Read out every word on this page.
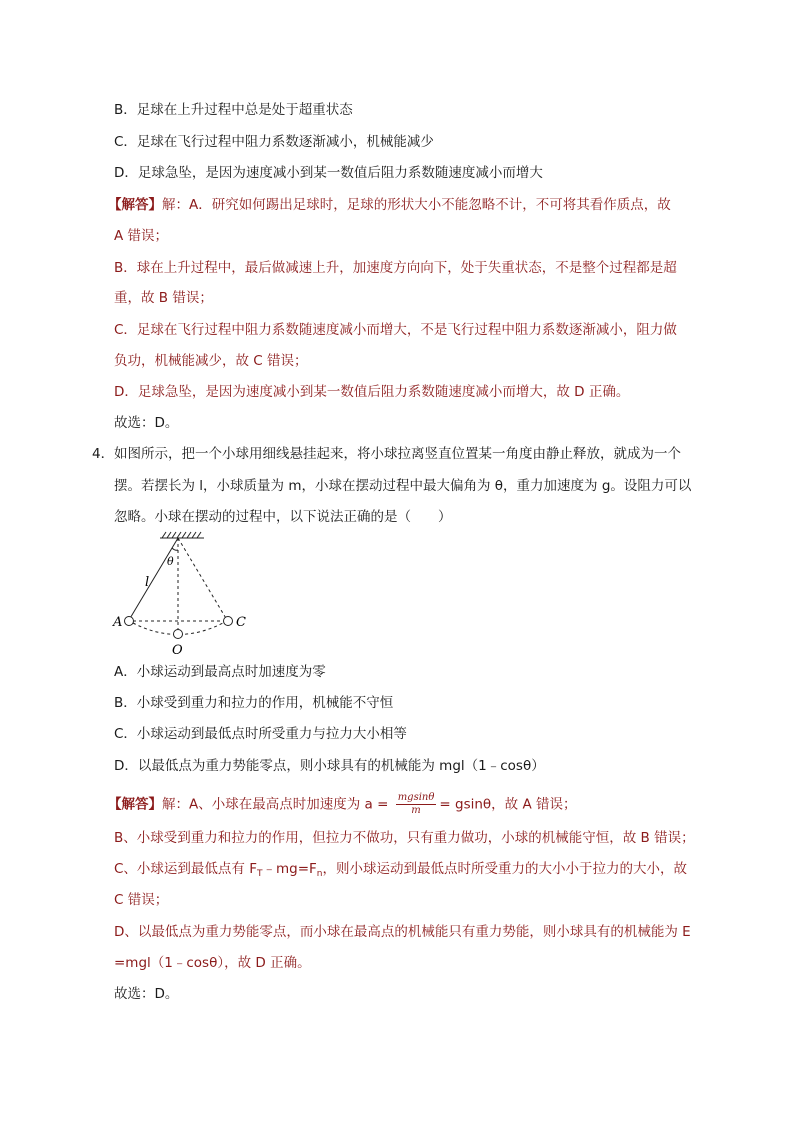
B．足球在上升过程中总是处于超重状态
C．足球在飞行过程中阻力系数逐渐减小，机械能减少
D．足球急坠，是因为速度减小到某一数值后阻力系数随速度减小而增大
【解答】解：A．研究如何踢出足球时，足球的形状大小不能忽略不计，不可将其看作质点，故
A 错误；
B．球在上升过程中，最后做减速上升，加速度方向向下，处于失重状态，不是整个过程都是超
重，故 B 错误；
C．足球在飞行过程中阻力系数随速度减小而增大，不是飞行过程中阻力系数逐渐减小，阻力做
负功，机械能减少，故 C 错误；
D．足球急坠，是因为速度减小到某一数值后阻力系数随速度减小而增大，故 D 正确。
故选：D。
4． 如图所示，把一个小球用细线悬挂起来，将小球拉离竖直位置某一角度由静止释放，就成为一个
摆。若摆长为 l，小球质量为 m，小球在摆动过程中最大偏角为 θ，重力加速度为 g。设阻力可以
忽略。小球在摆动的过程中，以下说法正确的是（　　）
l
θ
A	C
O
A．小球运动到最高点时加速度为零
B．小球受到重力和拉力的作用，机械能不守恒
C．小球运动到最低点时所受重力与拉力大小相等
D．以最低点为重力势能零点，则小球具有的机械能为 mgl（1﹣cosθ）
【解答】解：A、小球在最高点时加速度为 $a = \frac{mgsin\theta}{m} = gsin\theta$，故 A 错误；
B、小球受到重力和拉力的作用，但拉力不做功，只有重力做功，小球的机械能守恒，故 B 错误；
C、小球运到最低点有 $F_T﹣mg=F_n$，则小球运动到最低点时所受重力的大小小于拉力的大小，故
C 错误；
D、以最低点为重力势能零点，而小球在最高点的机械能只有重力势能，则小球具有的机械能为 E
=mgl（1﹣cosθ），故 D 正确。
故选：D。
